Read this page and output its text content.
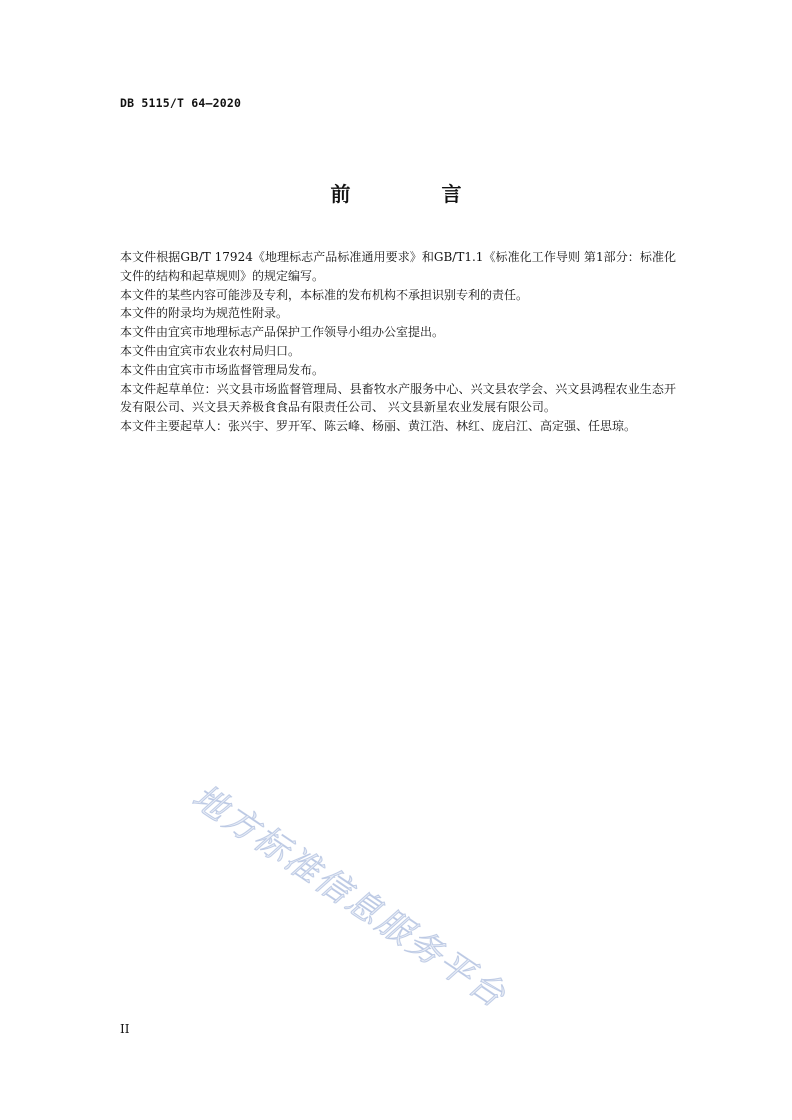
DB 5115/T 64—2020
前 言

本文件根据GB/T 17924《地理标志产品标准通用要求》和GB/T1.1《标准化工作导则 第1部分：标准化文件的结构和起草规则》的规定编写。

本文件的某些内容可能涉及专利，本标准的发布机构不承担识别专利的责任。

本文件的附录均为规范性附录。

本文件由宜宾市地理标志产品保护工作领导小组办公室提出。

本文件由宜宾市农业农村局归口。

本文件由宜宾市市场监督管理局发布。

本文件起草单位：兴文县市场监督管理局、县畜牧水产服务中心、兴文县农学会、兴文县鸿程农业生态开发有限公司、兴文县天养极食食品有限责任公司、 兴文县新星农业发展有限公司。

本文件主要起草人：张兴宇、罗开军、陈云峰、杨丽、黄江浩、林红、庞启江、高定强、任思琼。

地方标准信息服务平台
II
